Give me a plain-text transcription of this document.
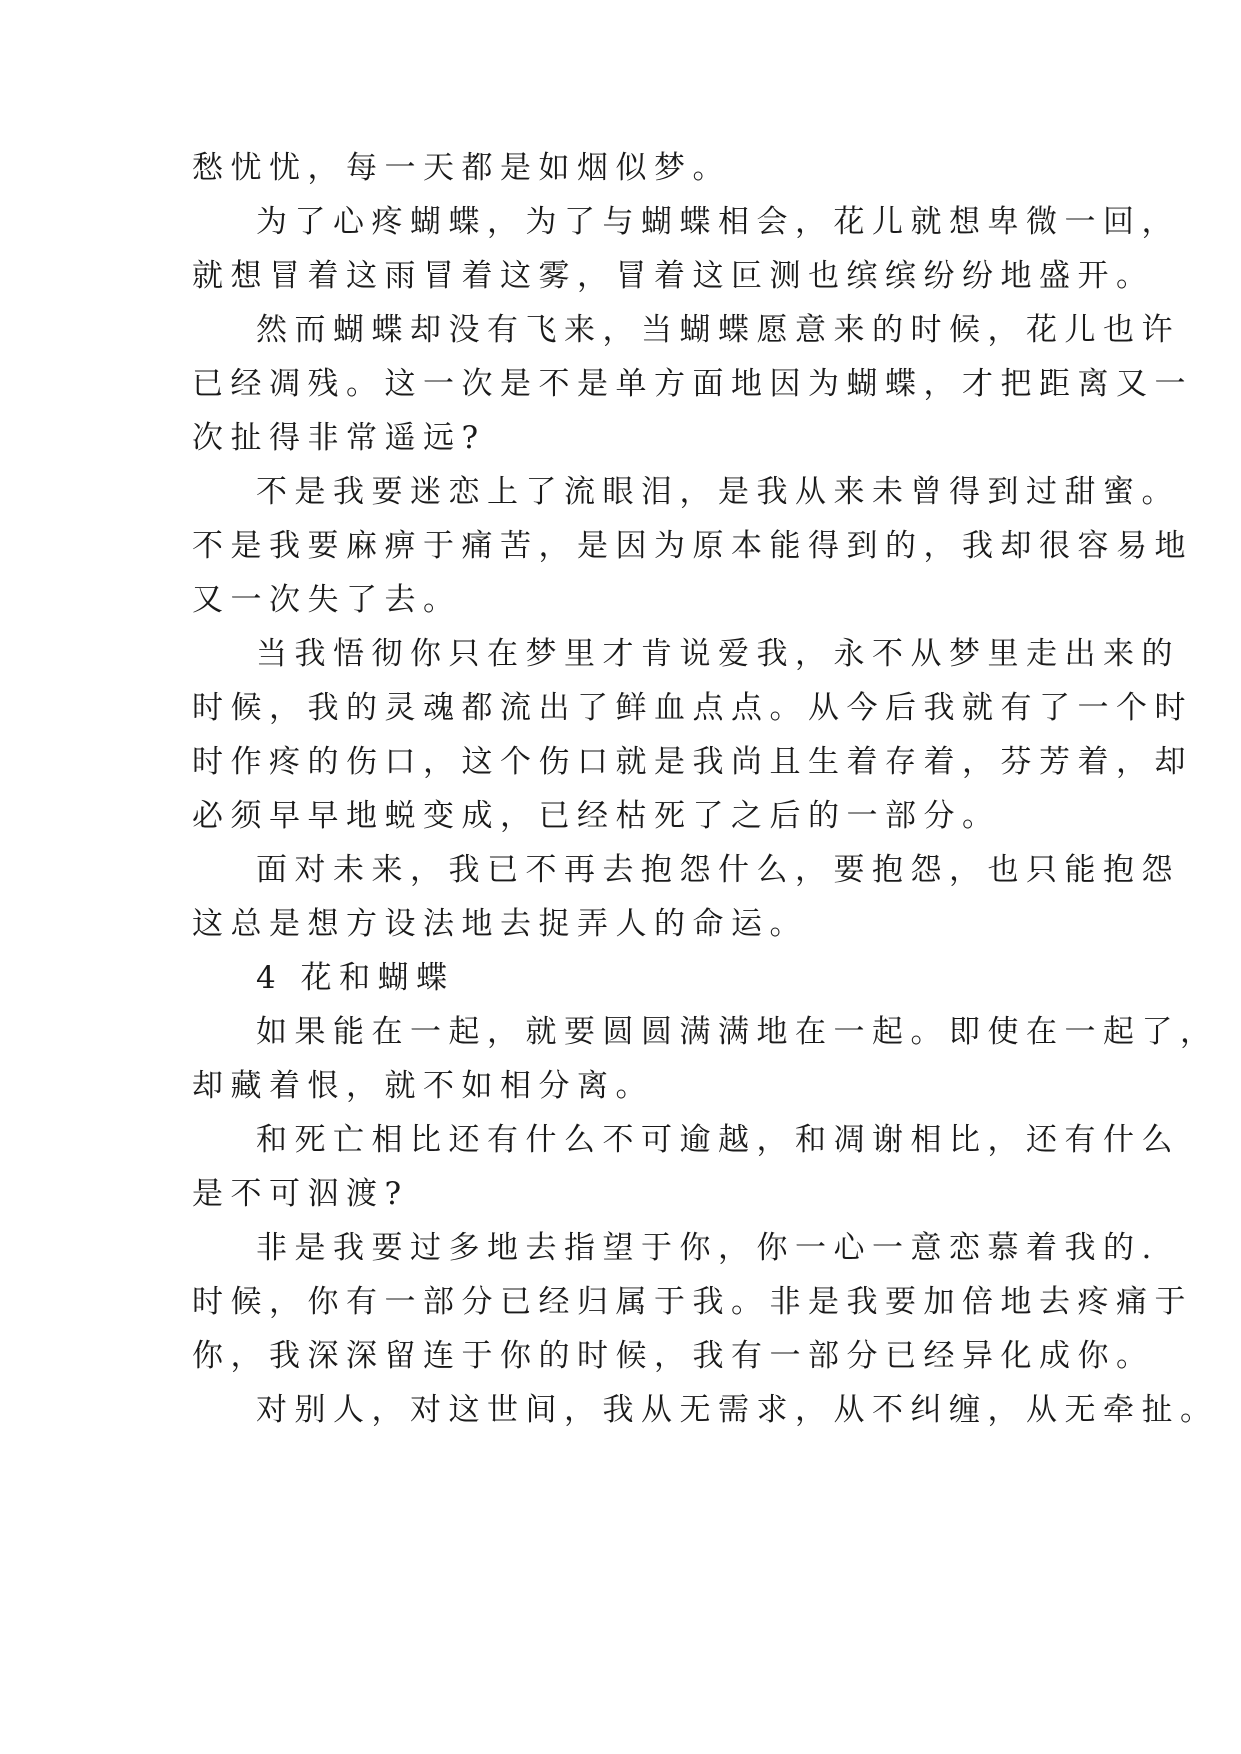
愁忧忧，每一天都是如烟似梦。
为了心疼蝴蝶，为了与蝴蝶相会，花儿就想卑微一回，
就想冒着这雨冒着这雾，冒着这叵测也缤缤纷纷地盛开。
然而蝴蝶却没有飞来，当蝴蝶愿意来的时候，花儿也许
已经凋残。这一次是不是单方面地因为蝴蝶，才把距离又一
次扯得非常遥远?
不是我要迷恋上了流眼泪，是我从来未曾得到过甜蜜。
不是我要麻痹于痛苦，是因为原本能得到的，我却很容易地
又一次失了去。
当我悟彻你只在梦里才肯说爱我，永不从梦里走出来的
时候，我的灵魂都流出了鲜血点点。从今后我就有了一个时
时作疼的伤口，这个伤口就是我尚且生着存着，芬芳着，却
必须早早地蜕变成，已经枯死了之后的一部分。
面对未来，我已不再去抱怨什么，要抱怨，也只能抱怨
这总是想方设法地去捉弄人的命运。
4 花和蝴蝶
如果能在一起，就要圆圆满满地在一起。即使在一起了，
却藏着恨，就不如相分离。
和死亡相比还有什么不可逾越，和凋谢相比，还有什么
是不可泅渡?
非是我要过多地去指望于你，你一心一意恋慕着我的.
时候，你有一部分已经归属于我。非是我要加倍地去疼痛于
你，我深深留连于你的时候，我有一部分已经异化成你。
对别人，对这世间，我从无需求，从不纠缠，从无牵扯。
